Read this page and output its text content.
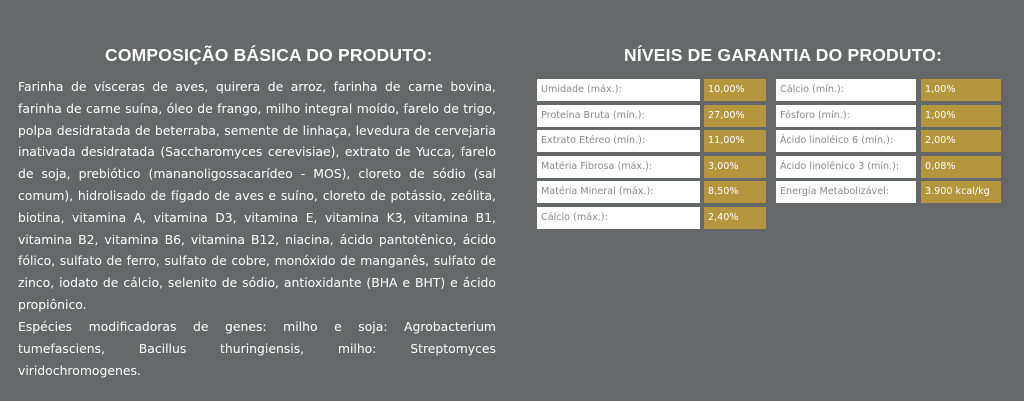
COMPOSIÇÃO BÁSICA DO PRODUTO:

Farinha de vísceras de aves, quirera de arroz, farinha de carne bovina, farinha de carne suína, óleo de frango, milho integral moído, farelo de trigo, polpa desidratada de beterraba, semente de linhaça, levedura de cervejaria inativada desidratada (Saccharomyces cerevisiae), extrato de Yucca, farelo de soja, prebiótico (mananoligossacarídeo - MOS), cloreto de sódio (sal comum), hidrolisado de fígado de aves e suíno, cloreto de potássio, zeólita, biotina, vitamina A, vitamina D3, vitamina E, vitamina K3, vitamina B1, vitamina B2, vitamina B6, vitamina B12, niacina, ácido pantotênico, ácido fólico, sulfato de ferro, sulfato de cobre, monóxido de manganês, sulfato de zinco, iodato de cálcio, selenito de sódio, antioxidante (BHA e BHT) e ácido propiônico.

Espécies modificadoras de genes: milho e soja: Agrobacterium tumefasciens, Bacillus thuringiensis, milho: Streptomyces viridochromogenes.

NÍVEIS DE GARANTIA DO PRODUTO:
Umidade (máx.):	10,00%
Proteína Bruta (mín.):	27,00%
Extrato Etéreo (mín.):	11,00%
Matéria Fibrosa (máx.):	3,00%
Matéria Mineral (máx.):	8,50%
Cálcio (máx.):	2,40%
Cálcio (mín.):	1,00%
Fósforo (mín.):	1,00%
Ácido linoléico 6 (mín.):	2,00%
Ácido linolênico 3 (mín.):	0,08%
Energia Metabolizável:	3.900 kcal/kg
